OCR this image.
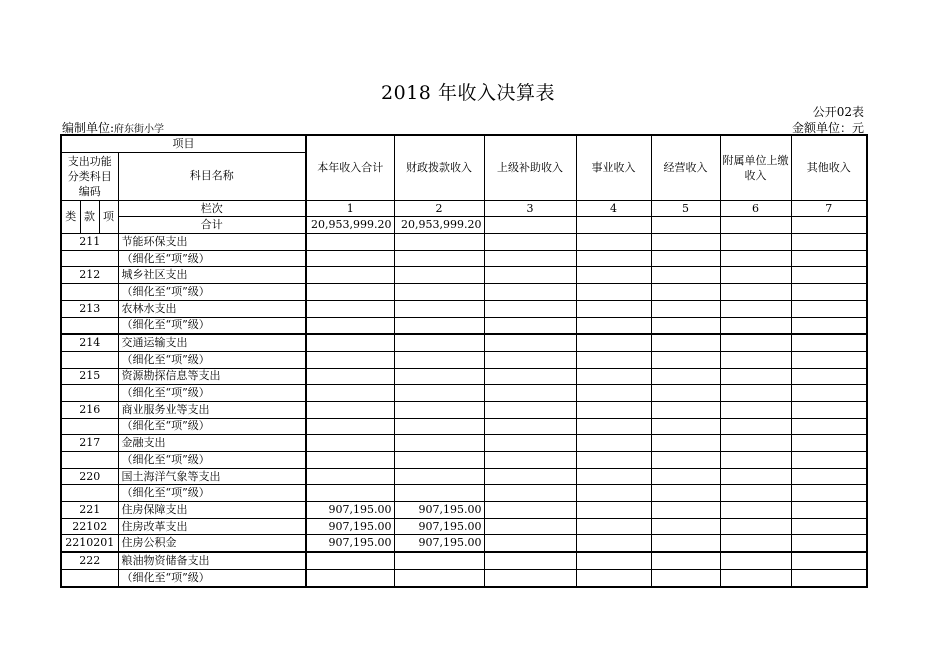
2018 年收入决算表
公开02表
编制单位:府东街小学	金额单位：元
项目				本年收入合计	财政拨款收入	上级补助收入	事业收入	经营收入	附属单位上缴收入	其他收入
支出功能分类科目编码			科目名称							

类	款	项	栏次	1	2	3	4	5	6	7
			合计	20,953,999.20	20,953,999.20					
211			节能环保支出							
			（细化至“项”级）							
212			城乡社区支出							
			（细化至“项”级）							
213			农林水支出							
			（细化至“项”级）							
214			交通运输支出							
			（细化至“项”级）							
215			资源勘探信息等支出							
			（细化至“项”级）							
216			商业服务业等支出							
			（细化至“项”级）							
217			金融支出							
			（细化至“项”级）							
220			国土海洋气象等支出							
			（细化至“项”级）							
221			住房保障支出	907,195.00	907,195.00					
22102			住房改革支出	907,195.00	907,195.00					
2210201			住房公积金	907,195.00	907,195.00					
222			粮油物资储备支出							
			（细化至“项”级）							
